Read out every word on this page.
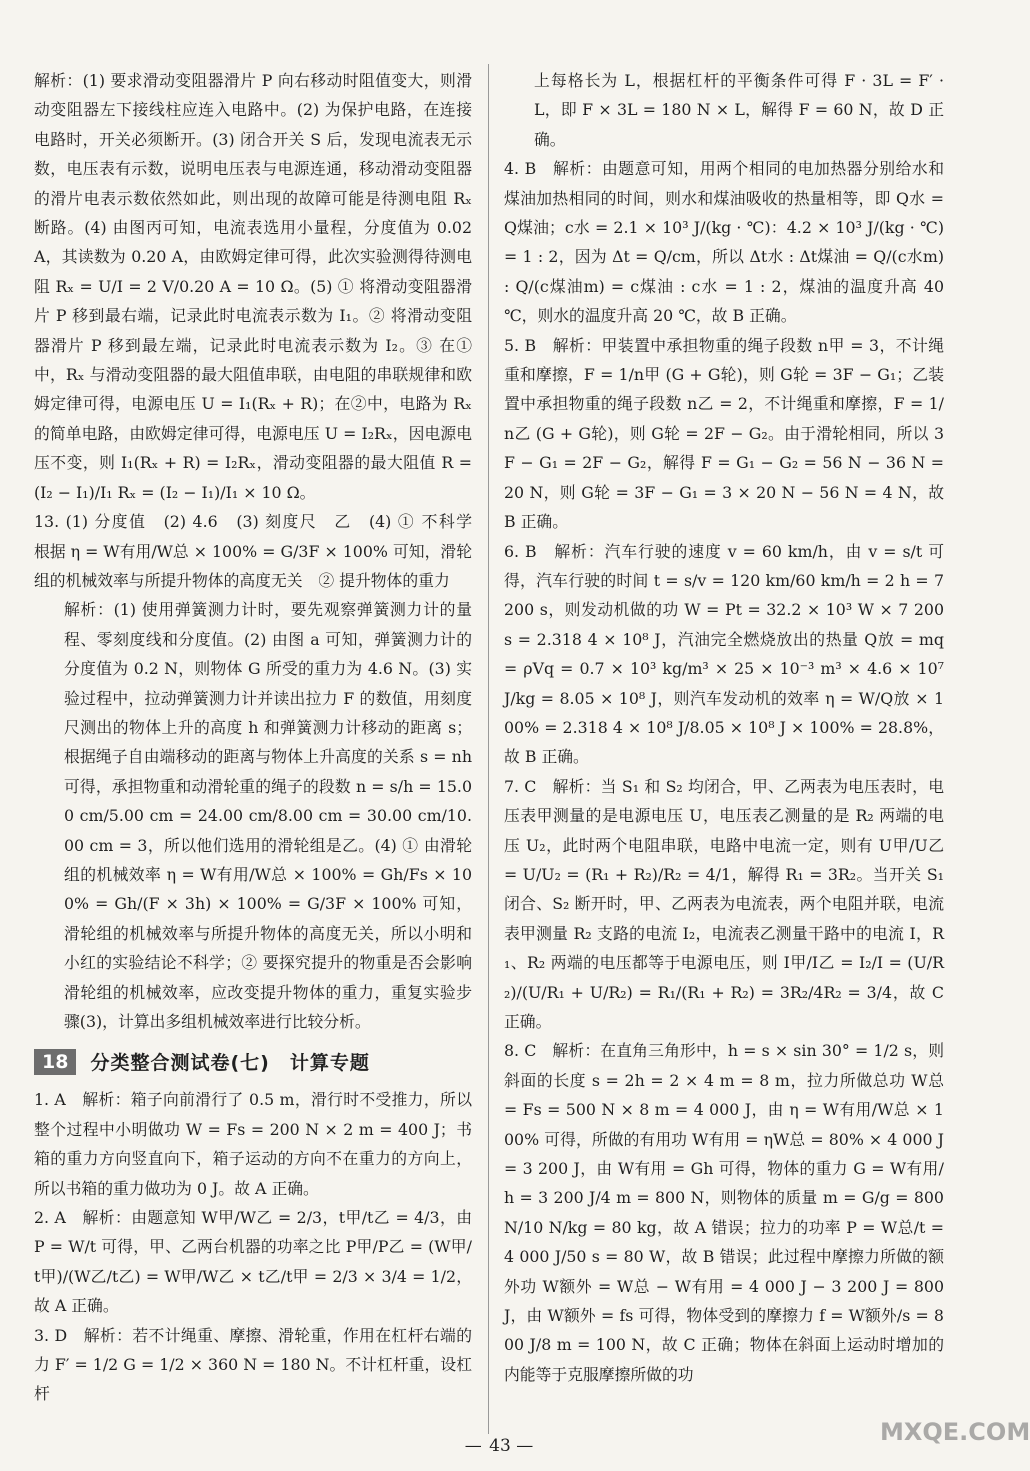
解析：(1) 要求滑动变阻器滑片 P 向右移动时阻值变大，则滑动变阻器左下接线柱应连入电路中。(2) 为保护电路，在连接电路时，开关必须断开。(3) 闭合开关 S 后，发现电流表无示数，电压表有示数，说明电压表与电源连通，移动滑动变阻器的滑片电表示数依然如此，则出现的故障可能是待测电阻 Rₓ 断路。(4) 由图丙可知，电流表选用小量程，分度值为 0.02 A，其读数为 0.20 A，由欧姆定律可得，此次实验测得待测电阻 Rₓ = U/I = 2 V/0.20 A = 10 Ω。(5) ① 将滑动变阻器滑片 P 移到最右端，记录此时电流表示数为 I₁。② 将滑动变阻器滑片 P 移到最左端，记录此时电流表示数为 I₂。③ 在①中，Rₓ 与滑动变阻器的最大阻值串联，由电阻的串联规律和欧姆定律可得，电源电压 U = I₁(Rₓ + R)；在②中，电路为 Rₓ 的简单电路，由欧姆定律可得，电源电压 U = I₂Rₓ，因电源电压不变，则 I₁(Rₓ + R) = I₂Rₓ，滑动变阻器的最大阻值 R = (I₂ − I₁)/I₁ Rₓ = (I₂ − I₁)/I₁ × 10 Ω。

13. (1) 分度值　(2) 4.6　(3) 刻度尺　乙　(4) ① 不科学　根据 η = W有用/W总 × 100% = G/3F × 100% 可知，滑轮组的机械效率与所提升物体的高度无关　② 提升物体的重力

解析：(1) 使用弹簧测力计时，要先观察弹簧测力计的量程、零刻度线和分度值。(2) 由图 a 可知，弹簧测力计的分度值为 0.2 N，则物体 G 所受的重力为 4.6 N。(3) 实验过程中，拉动弹簧测力计并读出拉力 F 的数值，用刻度尺测出的物体上升的高度 h 和弹簧测力计移动的距离 s；根据绳子自由端移动的距离与物体上升高度的关系 s = nh 可得，承担物重和动滑轮重的绳子的段数 n = s/h = 15.00 cm/5.00 cm = 24.00 cm/8.00 cm = 30.00 cm/10.00 cm = 3，所以他们选用的滑轮组是乙。(4) ① 由滑轮组的机械效率 η = W有用/W总 × 100% = Gh/Fs × 100% = Gh/(F × 3h) × 100% = G/3F × 100% 可知，滑轮组的机械效率与所提升物体的高度无关，所以小明和小红的实验结论不科学；② 要探究提升的物重是否会影响滑轮组的机械效率，应改变提升物体的重力，重复实验步骤(3)，计算出多组机械效率进行比较分析。

18	分类整合测试卷(七)　计算专题

1. A　解析：箱子向前滑行了 0.5 m，滑行时不受推力，所以整个过程中小明做功 W = Fs = 200 N × 2 m = 400 J；书箱的重力方向竖直向下，箱子运动的方向不在重力的方向上，所以书箱的重力做功为 0 J。故 A 正确。

2. A　解析：由题意知 W甲/W乙 = 2/3，t甲/t乙 = 4/3，由 P = W/t 可得，甲、乙两台机器的功率之比 P甲/P乙 = (W甲/t甲)/(W乙/t乙) = W甲/W乙 × t乙/t甲 = 2/3 × 3/4 = 1/2，故 A 正确。

3. D　解析：若不计绳重、摩擦、滑轮重，作用在杠杆右端的力 F′ = 1/2 G = 1/2 × 360 N = 180 N。不计杠杆重，设杠杆

上每格长为 L，根据杠杆的平衡条件可得 F · 3L = F′ · L，即 F × 3L = 180 N × L，解得 F = 60 N，故 D 正确。

4. B　解析：由题意可知，用两个相同的电加热器分别给水和煤油加热相同的时间，则水和煤油吸收的热量相等，即 Q水 = Q煤油；c水 = 2.1 × 10³ J/(kg · ℃)：4.2 × 10³ J/(kg · ℃) = 1 : 2，因为 Δt = Q/cm，所以 Δt水 : Δt煤油 = Q/(c水m) : Q/(c煤油m) = c煤油 : c水 = 1 : 2，煤油的温度升高 40 ℃，则水的温度升高 20 ℃，故 B 正确。

5. B　解析：甲装置中承担物重的绳子段数 n甲 = 3，不计绳重和摩擦，F = 1/n甲 (G + G轮)，则 G轮 = 3F − G₁；乙装置中承担物重的绳子段数 n乙 = 2，不计绳重和摩擦，F = 1/n乙 (G + G轮)，则 G轮 = 2F − G₂。由于滑轮相同，所以 3F − G₁ = 2F − G₂，解得 F = G₁ − G₂ = 56 N − 36 N = 20 N，则 G轮 = 3F − G₁ = 3 × 20 N − 56 N = 4 N，故 B 正确。

6. B　解析：汽车行驶的速度 v = 60 km/h，由 v = s/t 可得，汽车行驶的时间 t = s/v = 120 km/60 km/h = 2 h = 7 200 s，则发动机做的功 W = Pt = 32.2 × 10³ W × 7 200 s = 2.318 4 × 10⁸ J，汽油完全燃烧放出的热量 Q放 = mq = ρVq = 0.7 × 10³ kg/m³ × 25 × 10⁻³ m³ × 4.6 × 10⁷ J/kg = 8.05 × 10⁸ J，则汽车发动机的效率 η = W/Q放 × 100% = 2.318 4 × 10⁸ J/8.05 × 10⁸ J × 100% = 28.8%，故 B 正确。

7. C　解析：当 S₁ 和 S₂ 均闭合，甲、乙两表为电压表时，电压表甲测量的是电源电压 U，电压表乙测量的是 R₂ 两端的电压 U₂，此时两个电阻串联，电路中电流一定，则有 U甲/U乙 = U/U₂ = (R₁ + R₂)/R₂ = 4/1，解得 R₁ = 3R₂。当开关 S₁ 闭合、S₂ 断开时，甲、乙两表为电流表，两个电阻并联，电流表甲测量 R₂ 支路的电流 I₂，电流表乙测量干路中的电流 I，R₁、R₂ 两端的电压都等于电源电压，则 I甲/I乙 = I₂/I = (U/R₂)/(U/R₁ + U/R₂) = R₁/(R₁ + R₂) = 3R₂/4R₂ = 3/4，故 C 正确。

8. C　解析：在直角三角形中，h = s × sin 30° = 1/2 s，则斜面的长度 s = 2h = 2 × 4 m = 8 m，拉力所做总功 W总 = Fs = 500 N × 8 m = 4 000 J，由 η = W有用/W总 × 100% 可得，所做的有用功 W有用 = ηW总 = 80% × 4 000 J = 3 200 J，由 W有用 = Gh 可得，物体的重力 G = W有用/h = 3 200 J/4 m = 800 N，则物体的质量 m = G/g = 800 N/10 N/kg = 80 kg，故 A 错误；拉力的功率 P = W总/t = 4 000 J/50 s = 80 W，故 B 错误；此过程中摩擦力所做的额外功 W额外 = W总 − W有用 = 4 000 J − 3 200 J = 800 J，由 W额外 = fs 可得，物体受到的摩擦力 f = W额外/s = 800 J/8 m = 100 N，故 C 正确；物体在斜面上运动时增加的内能等于克服摩擦所做的功

— 43 —	MXQE.COM
